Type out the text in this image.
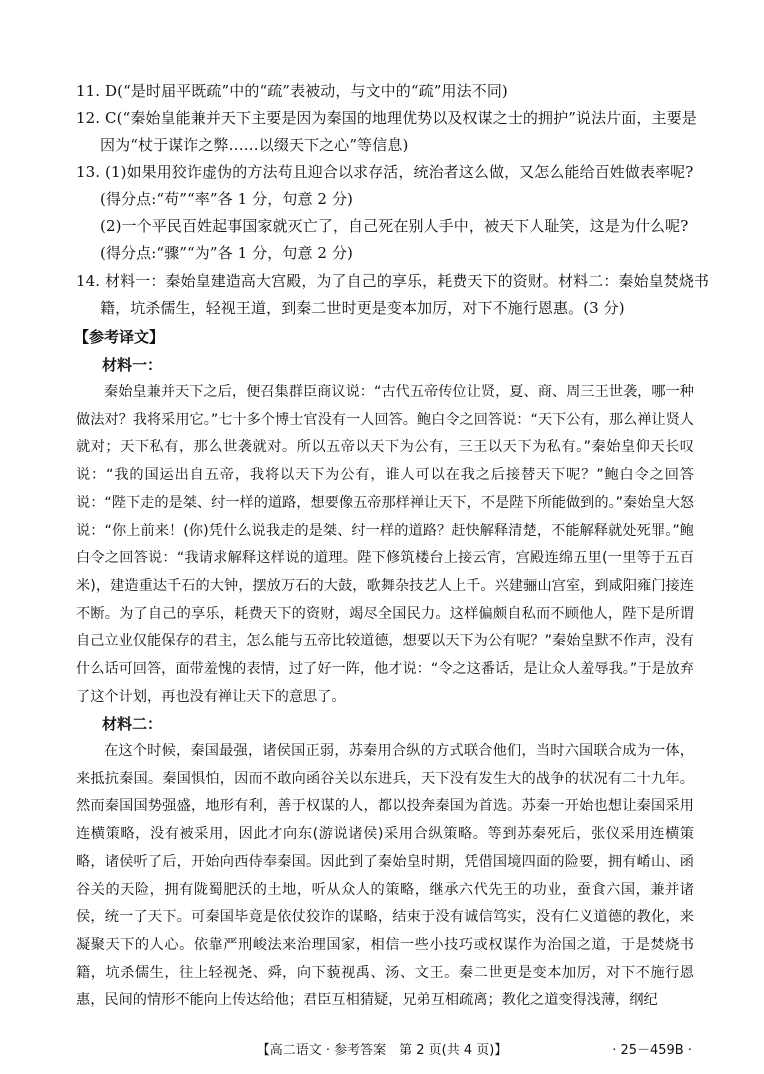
11. D(“是时届平既疏”中的“疏”表被动，与文中的“疏”用法不同)
12. C(“秦始皇能兼并天下主要是因为秦国的地理优势以及权谋之士的拥护”说法片面，主要是
因为“杖于谋诈之弊……以缀天下之心”等信息)
13. (1)如果用狡诈虚伪的方法苟且迎合以求存活，统治者这么做，又怎么能给百姓做表率呢?
(得分点:“苟”“率”各 1 分，句意 2 分)
(2)一个平民百姓起事国家就灭亡了，自己死在别人手中，被天下人耻笑，这是为什么呢?
(得分点:“骤”“为”各 1 分，句意 2 分)
14. 材料一：秦始皇建造高大宫殿，为了自己的享乐，耗费天下的资财。材料二：秦始皇焚烧书
籍，坑杀儒生，轻视王道，到秦二世时更是变本加厉，对下不施行恩惠。(3 分)
【参考译文】
材料一：

秦始皇兼并天下之后，便召集群臣商议说：“古代五帝传位让贤，夏、商、周三王世袭，哪一种做法对？我将采用它。”七十多个博士官没有一人回答。鲍白令之回答说：“天下公有，那么禅让贤人就对；天下私有，那么世袭就对。所以五帝以天下为公有，三王以天下为私有。”秦始皇仰天长叹说：“我的国运出自五帝，我将以天下为公有，谁人可以在我之后接替天下呢？”鲍白令之回答说：“陛下走的是桀、纣一样的道路，想要像五帝那样禅让天下，不是陛下所能做到的。”秦始皇大怒说：“你上前来！(你)凭什么说我走的是桀、纣一样的道路？赶快解释清楚，不能解释就处死罪。”鲍白令之回答说：“我请求解释这样说的道理。陛下修筑楼台上接云宵，宫殿连绵五里(一里等于五百米)，建造重达千石的大钟，摆放万石的大鼓，歌舞杂技艺人上千。兴建骊山宫室，到咸阳雍门接连不断。为了自己的享乐，耗费天下的资财，竭尽全国民力。这样偏颇自私而不顾他人，陛下是所谓自己立业仅能保存的君主，怎么能与五帝比较道德，想要以天下为公有呢？”秦始皇默不作声，没有什么话可回答，面带羞愧的表情，过了好一阵，他才说：“令之这番话，是让众人羞辱我。”于是放弃了这个计划，再也没有禅让天下的意思了。

材料二：

在这个时候，秦国最强，诸侯国正弱，苏秦用合纵的方式联合他们，当时六国联合成为一体，来抵抗秦国。秦国惧怕，因而不敢向函谷关以东进兵，天下没有发生大的战争的状况有二十九年。然而秦国国势强盛，地形有利，善于权谋的人，都以投奔秦国为首选。苏秦一开始也想让秦国采用连横策略，没有被采用，因此才向东(游说诸侯)采用合纵策略。等到苏秦死后，张仪采用连横策略，诸侯听了后，开始向西侍奉秦国。因此到了秦始皇时期，凭借国境四面的险要，拥有崤山、函谷关的天险，拥有陇蜀肥沃的土地，听从众人的策略，继承六代先王的功业，蚕食六国，兼并诸侯，统一了天下。可秦国毕竟是依仗狡诈的谋略，结束于没有诚信笃实，没有仁义道德的教化，来凝聚天下的人心。依靠严刑峻法来治理国家，相信一些小技巧或权谋作为治国之道，于是焚烧书籍，坑杀儒生，往上轻视尧、舜，向下藐视禹、汤、文王。秦二世更是变本加厉，对下不施行恩惠，民间的情形不能向上传达给他；君臣互相猜疑，兄弟互相疏离；教化之道变得浅薄，纲纪

【高二语文 · 参考答案　第 2 页(共 4 页)】	· 25－459B ·
